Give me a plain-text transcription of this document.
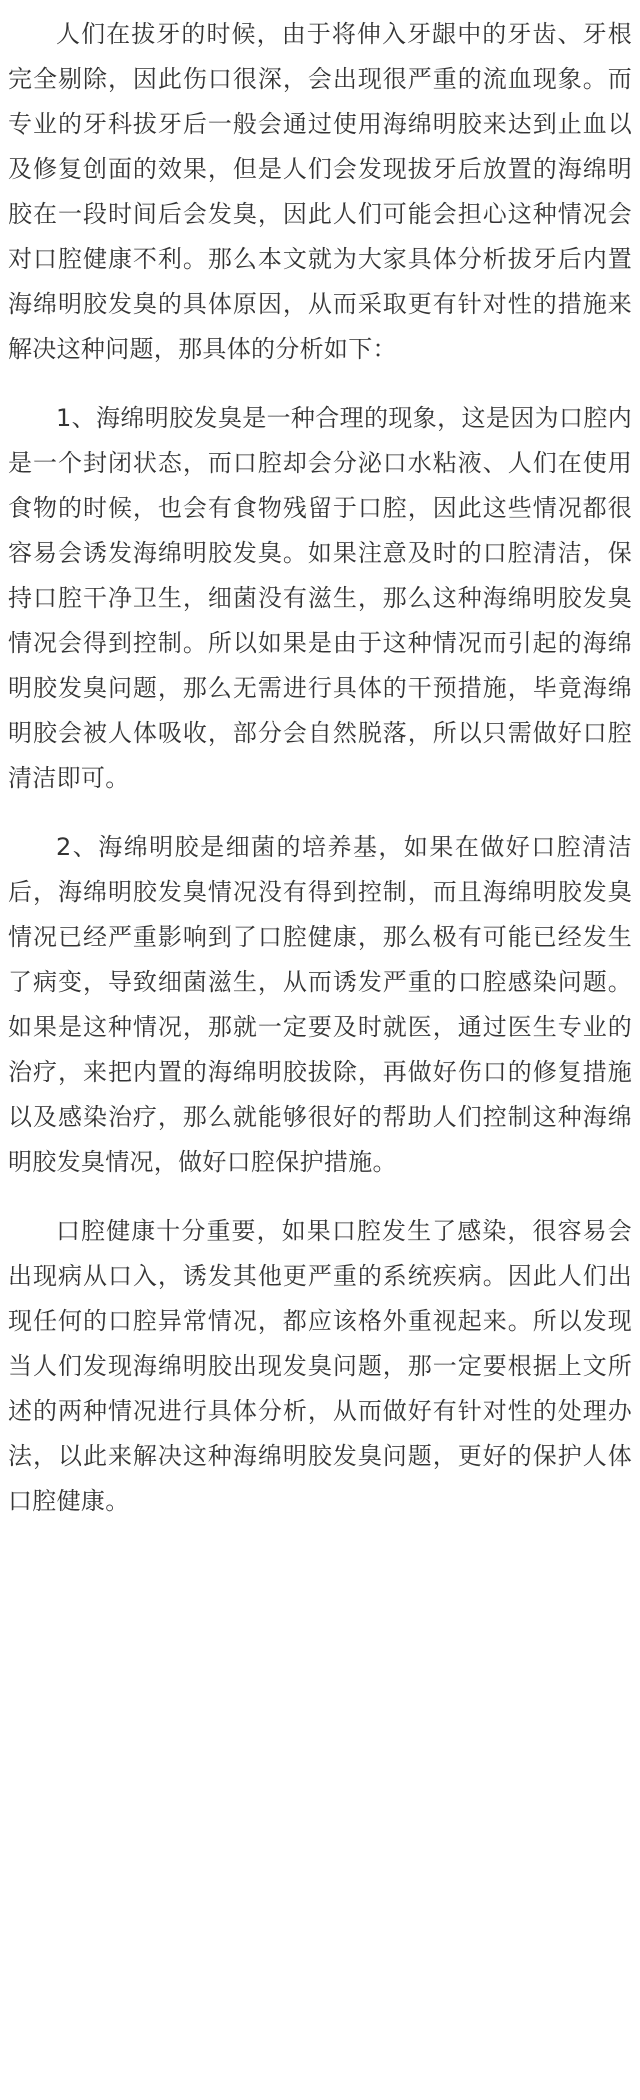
人们在拔牙的时候，由于将伸入牙龈中的牙齿、牙根完全剔除，因此伤口很深，会出现很严重的流血现象。而专业的牙科拔牙后一般会通过使用海绵明胶来达到止血以及修复创面的效果，但是人们会发现拔牙后放置的海绵明胶在一段时间后会发臭，因此人们可能会担心这种情况会对口腔健康不利。那么本文就为大家具体分析拔牙后内置海绵明胶发臭的具体原因，从而采取更有针对性的措施来解决这种问题，那具体的分析如下：

1、海绵明胶发臭是一种合理的现象，这是因为口腔内是一个封闭状态，而口腔却会分泌口水粘液、人们在使用食物的时候，也会有食物残留于口腔，因此这些情况都很容易会诱发海绵明胶发臭。如果注意及时的口腔清洁，保持口腔干净卫生，细菌没有滋生，那么这种海绵明胶发臭情况会得到控制。所以如果是由于这种情况而引起的海绵明胶发臭问题，那么无需进行具体的干预措施，毕竟海绵明胶会被人体吸收，部分会自然脱落，所以只需做好口腔清洁即可。

2、海绵明胶是细菌的培养基，如果在做好口腔清洁后，海绵明胶发臭情况没有得到控制，而且海绵明胶发臭情况已经严重影响到了口腔健康，那么极有可能已经发生了病变，导致细菌滋生，从而诱发严重的口腔感染问题。如果是这种情况，那就一定要及时就医，通过医生专业的治疗，来把内置的海绵明胶拔除，再做好伤口的修复措施以及感染治疗，那么就能够很好的帮助人们控制这种海绵明胶发臭情况，做好口腔保护措施。

口腔健康十分重要，如果口腔发生了感染，很容易会出现病从口入，诱发其他更严重的系统疾病。因此人们出现任何的口腔异常情况，都应该格外重视起来。所以发现当人们发现海绵明胶出现发臭问题，那一定要根据上文所述的两种情况进行具体分析，从而做好有针对性的处理办法，以此来解决这种海绵明胶发臭问题，更好的保护人体口腔健康。
